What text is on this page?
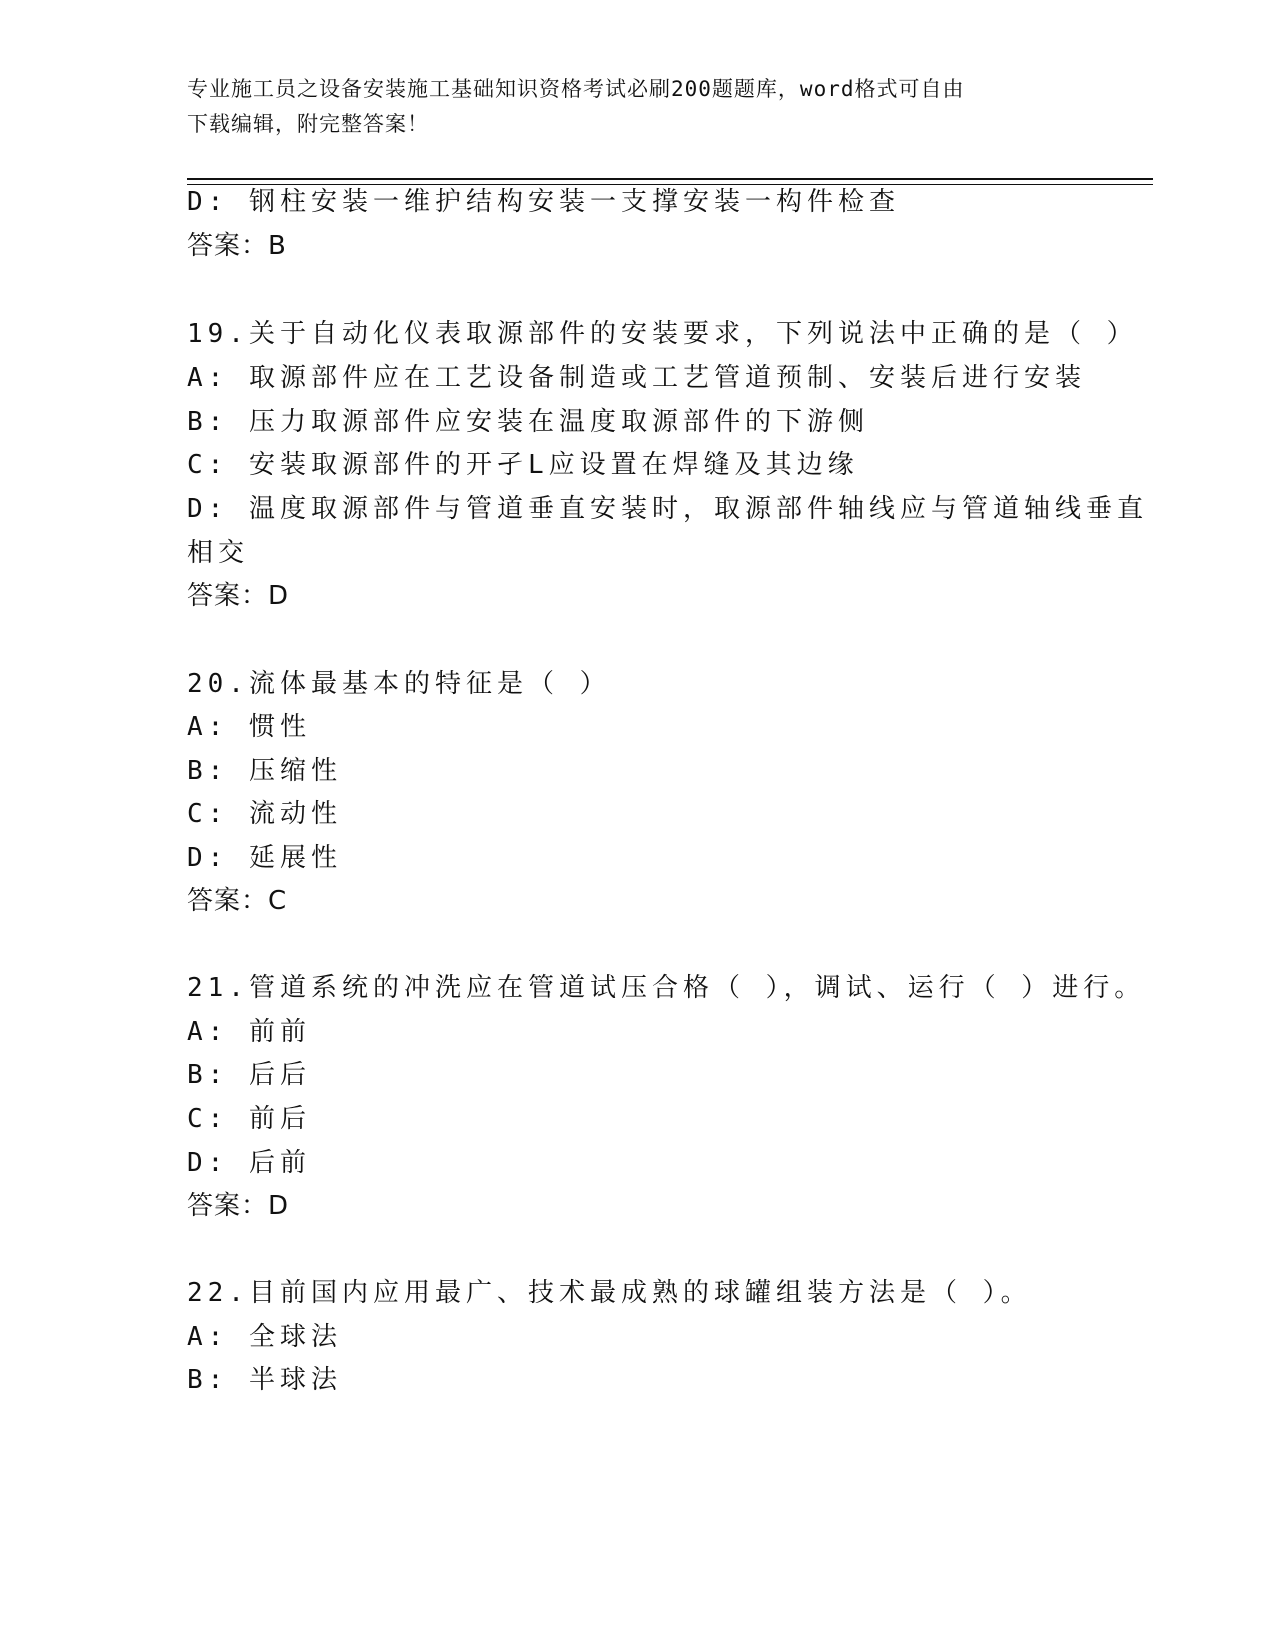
专业施工员之设备安装施工基础知识资格考试必刷200题题库，word格式可自由
下载编辑，附完整答案！
D: 钢柱安装一维护结构安装一支撑安装一构件检查
答案：B
19.关于自动化仪表取源部件的安装要求，下列说法中正确的是（ ）
A: 取源部件应在工艺设备制造或工艺管道预制、安装后进行安装
B: 压力取源部件应安装在温度取源部件的下游侧
C: 安装取源部件的开孑L应设置在焊缝及其边缘
D: 温度取源部件与管道垂直安装时，取源部件轴线应与管道轴线垂直
相交
答案：D
20.流体最基本的特征是（ ）
A: 惯性
B: 压缩性
C: 流动性
D: 延展性
答案：C
21.管道系统的冲洗应在管道试压合格（ ），调试、运行（ ）进行。
A: 前前
B: 后后
C: 前后
D: 后前
答案：D
22.目前国内应用最广、技术最成熟的球罐组装方法是（ ）。
A: 全球法
B: 半球法
